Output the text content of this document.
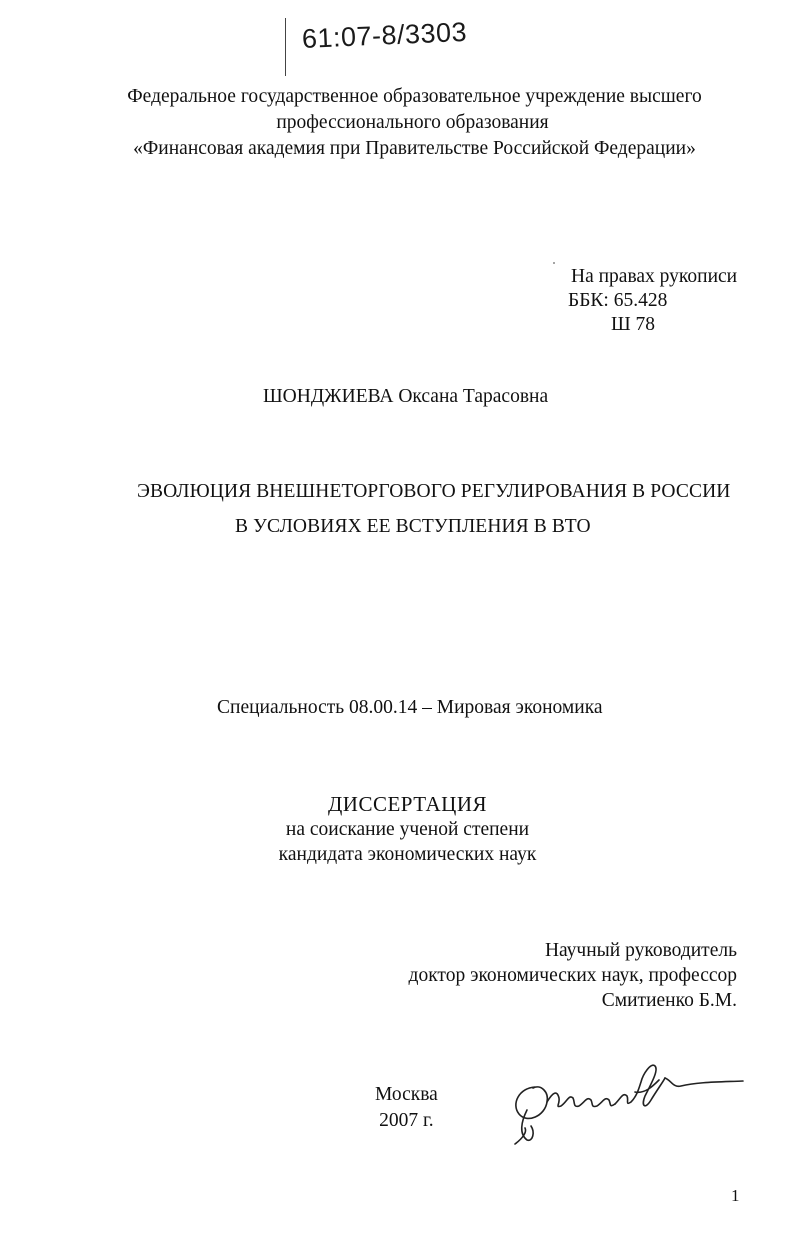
61:07-8/3303
Федеральное государственное образовательное учреждение высшего
профессионального образования
«Финансовая академия при Правительстве Российской Федерации»
На правах рукописи
ББК: 65.428
Ш 78
ШОНДЖИЕВА Оксана Тарасовна
ЭВОЛЮЦИЯ ВНЕШНЕТОРГОВОГО РЕГУЛИРОВАНИЯ В РОССИИ
В УСЛОВИЯХ ЕЕ ВСТУПЛЕНИЯ В ВТО
Специальность 08.00.14 – Мировая экономика
ДИССЕРТАЦИЯ
на соискание ученой степени
кандидата экономических наук
Научный руководитель
доктор экономических наук, профессор
Смитиенко Б.М.
Москва
2007 г.
1
